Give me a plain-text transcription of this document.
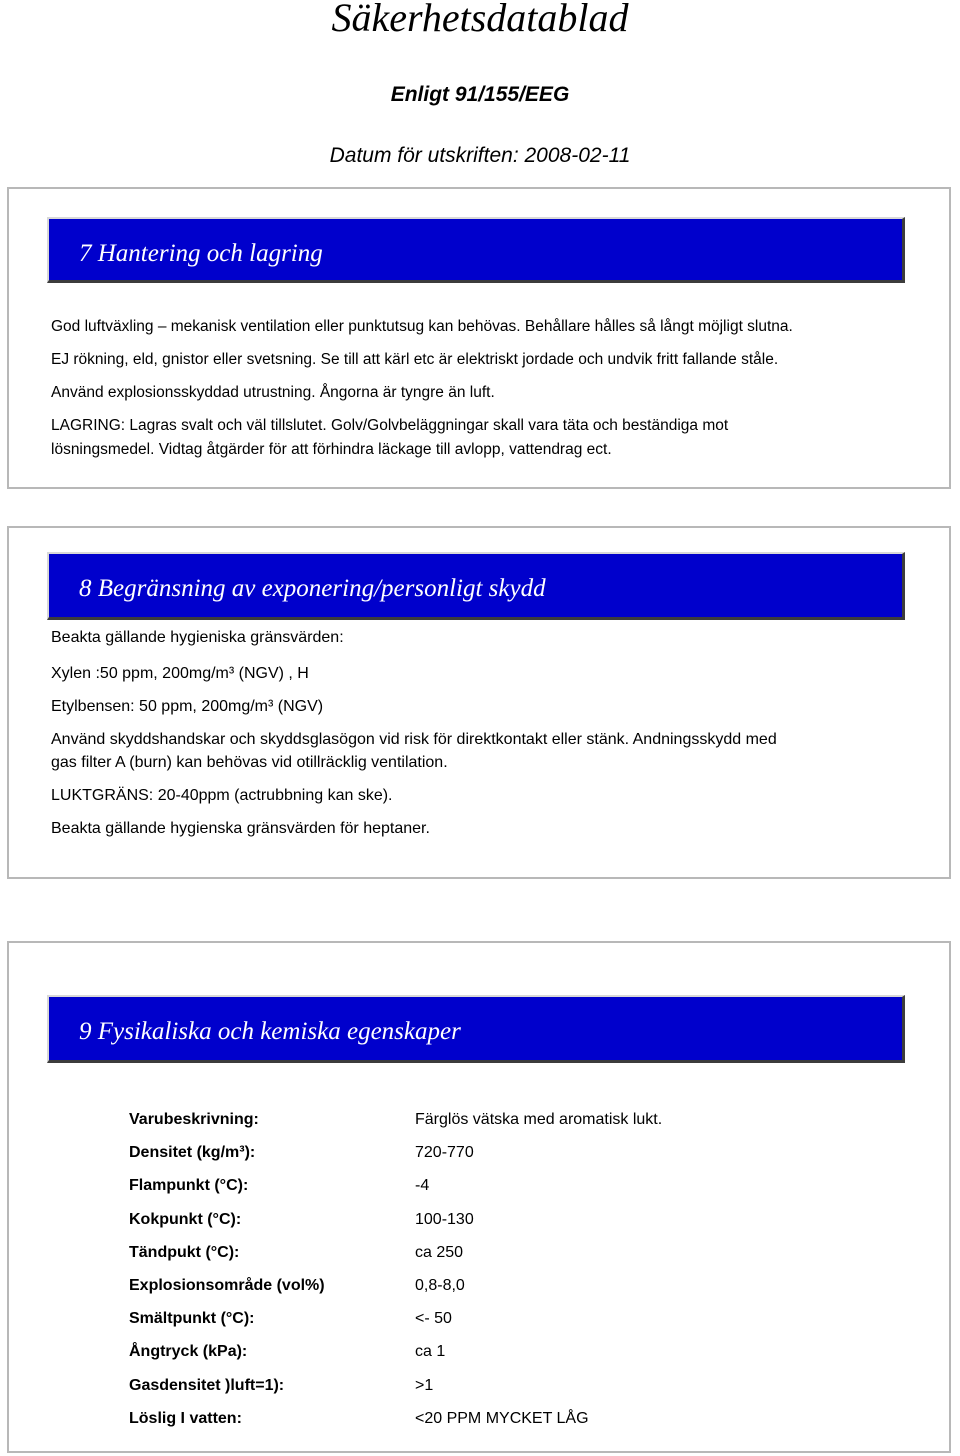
Säkerhetsdatablad
Enligt 91/155/EEG
Datum för utskriften: 2008-02-11
7 Hantering och lagring
God luftväxling – mekanisk ventilation eller punktutsug kan behövas. Behållare hålles så långt möjligt slutna.
EJ rökning, eld, gnistor eller svetsning. Se till att kärl etc är elektriskt jordade och undvik fritt fallande ståle.
Använd explosionsskyddad utrustning. Ångorna är tyngre än luft.
LAGRING: Lagras svalt och väl tillslutet. Golv/Golvbeläggningar skall vara täta och beständiga mot
lösningsmedel. Vidtag åtgärder för att förhindra läckage till avlopp, vattendrag ect.
8 Begränsning av exponering/personligt skydd
Beakta gällande hygieniska gränsvärden:
Xylen :50 ppm, 200mg/m³ (NGV) , H
Etylbensen: 50 ppm, 200mg/m³ (NGV)
Använd skyddshandskar och skyddsglasögon vid risk för direktkontakt eller stänk. Andningsskydd med
gas filter A (burn) kan behövas vid otillräcklig ventilation.
LUKTGRÄNS: 20-40ppm (actrubbning kan ske).
Beakta gällande hygienska gränsvärden för heptaner.
9 Fysikaliska och kemiska egenskaper
Varubeskrivning:	Färglös vätska med aromatisk lukt.
Densitet (kg/m³):	720-770
Flampunkt (°C):	-4
Kokpunkt (°C):	100-130
Tändpukt (°C):	ca 250
Explosionsområde (vol%)	0,8-8,0
Smältpunkt (°C):	<- 50
Ångtryck (kPa):	ca 1
Gasdensitet )luft=1):	>1
Löslig I vatten:	<20 PPM MYCKET LÅG
